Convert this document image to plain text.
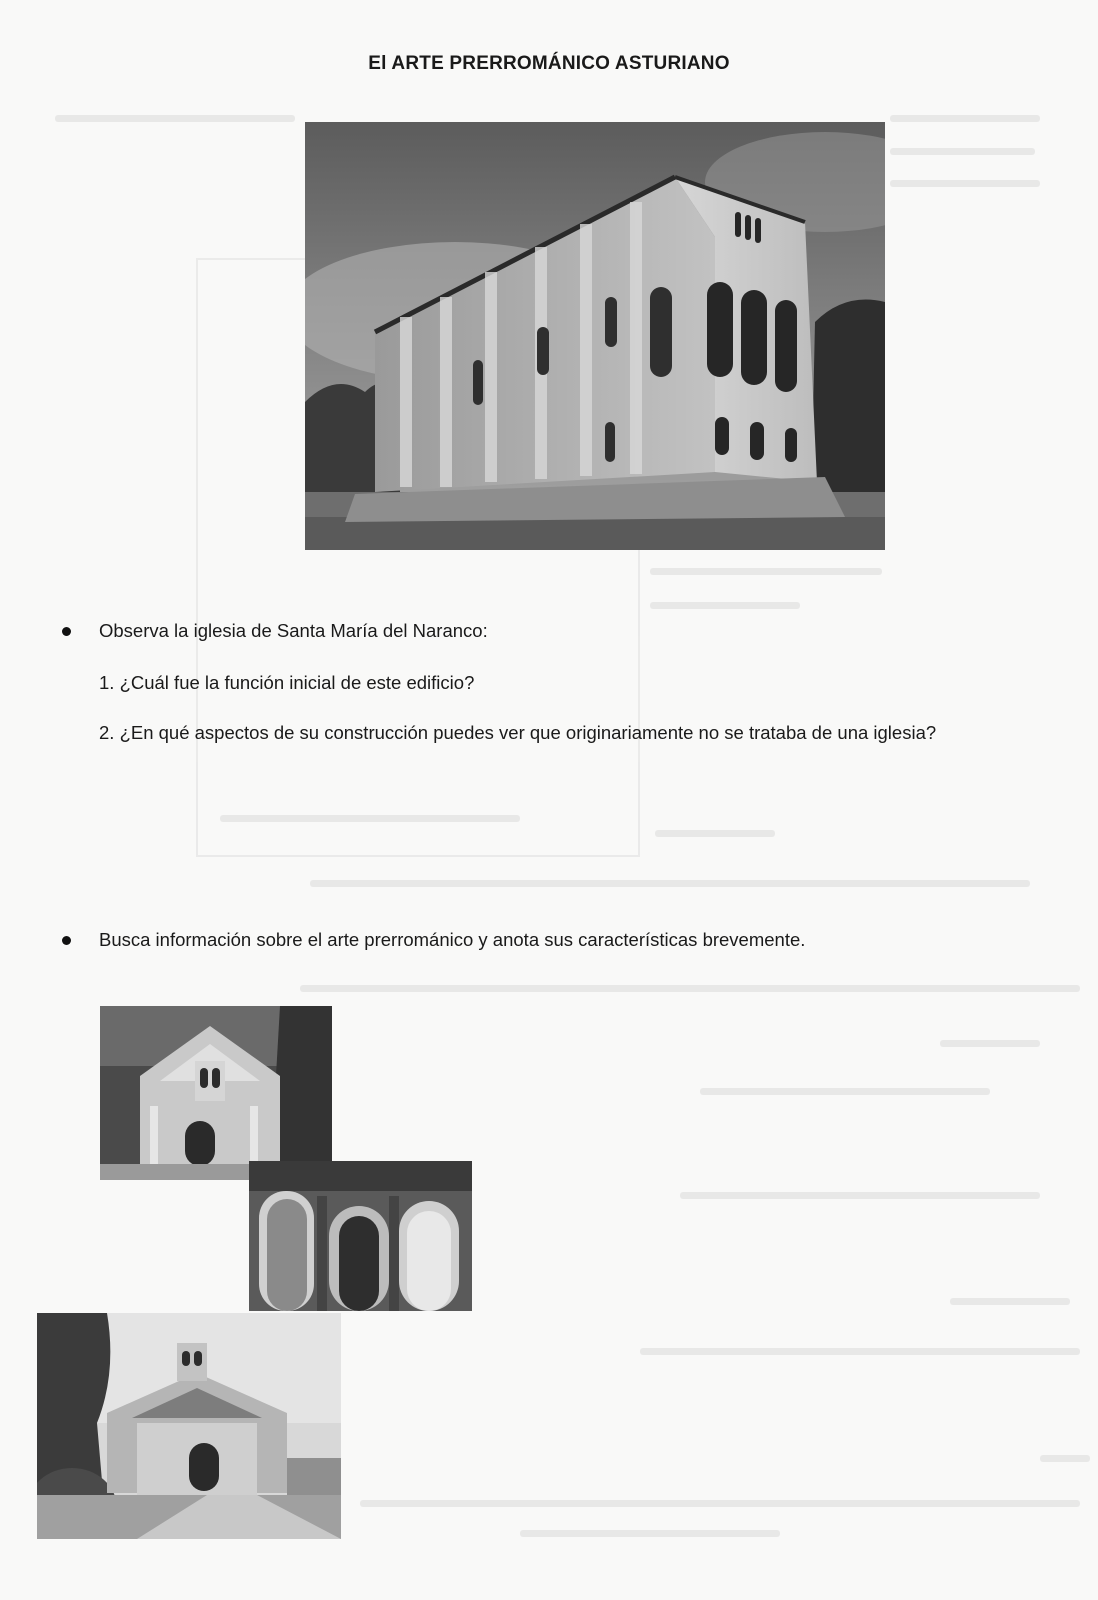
El ARTE PRERROMÁNICO ASTURIANO
Observa la iglesia de Santa María del Naranco:
1. ¿Cuál fue la función inicial de este edificio?
2. ¿En qué aspectos de su construcción puedes ver que originariamente no se trataba de una iglesia?
Busca información sobre el arte prerrománico y anota sus características brevemente.
